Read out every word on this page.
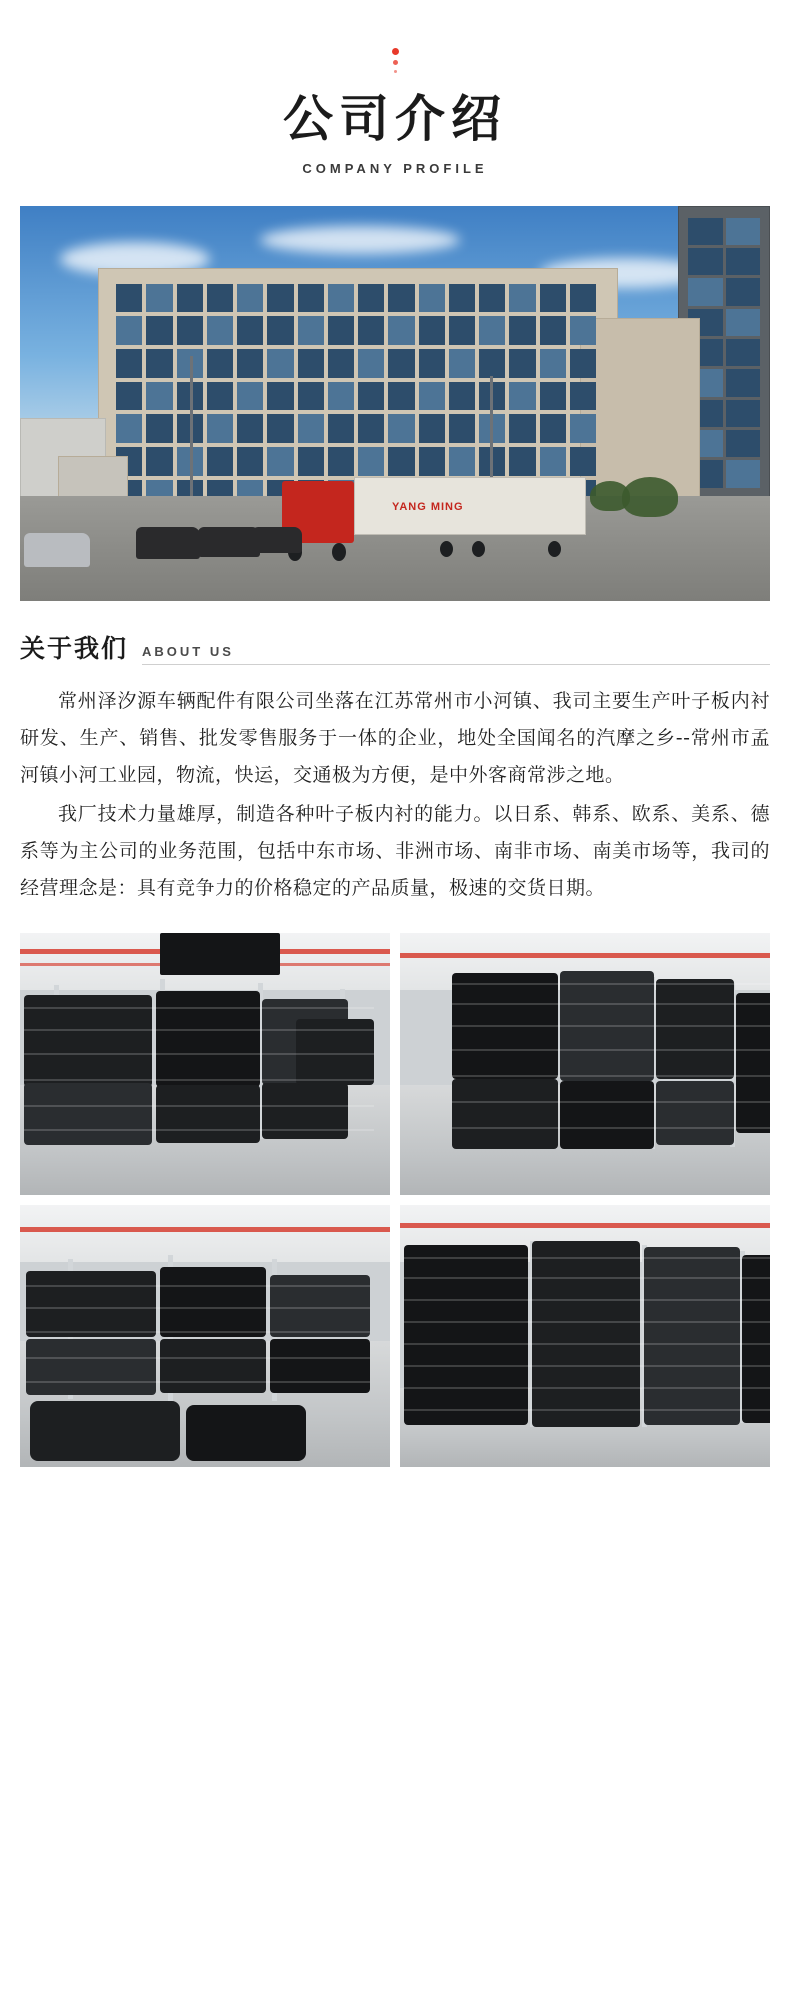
公司介绍
COMPANY PROFILE
YANG MING
关于我们 ABOUT US

常州泽汐源车辆配件有限公司坐落在江苏常州市小河镇、我司主要生产叶子板内衬研发、生产、销售、批发零售服务于一体的企业，地处全国闻名的汽摩之乡--常州市孟河镇小河工业园，物流，快运，交通极为方便，是中外客商常涉之地。

我厂技术力量雄厚，制造各种叶子板内衬的能力。以日系、韩系、欧系、美系、德系等为主公司的业务范围，包括中东市场、非洲市场、南非市场、南美市场等，我司的经营理念是：具有竞争力的价格稳定的产品质量，极速的交货日期。
